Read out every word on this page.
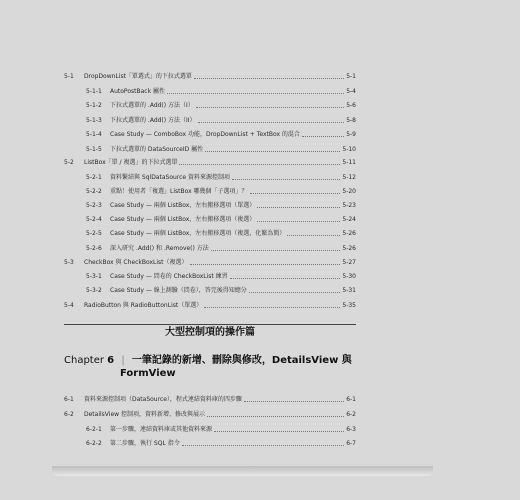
5-1	DropDownList「單選式」的下拉式選單	5-1
5-1-1	AutoPostBack 屬性	5-4
5-1-2	下拉式選單的 .Add() 方法（I）	5-6
5-1-3	下拉式選單的 .Add() 方法（II）	5-8
5-1-4	Case Study — ComboBox 功能，DropDownList + TextBox 的混合	5-9
5-1-5	下拉式選單的 DataSourceID 屬性	5-10
5-2	ListBox「單 / 複選」的下拉式選單	5-11
5-2-1	資料繫結與 SqlDataSource 資料來源控制項	5-12
5-2-2	重點！使用者「複選」ListBox 哪幾個「子選項」？	5-20
5-2-3	Case Study — 兩個 ListBox，左右搬移選項（單選）	5-23
5-2-4	Case Study — 兩個 ListBox，左右搬移選項（複選）	5-24
5-2-5	Case Study — 兩個 ListBox，左右搬移選項（複選，化繁為簡）	5-26
5-2-6	深入研究 .Add() 和 .Remove() 方法	5-26
5-3	CheckBox 與 CheckBoxList（複選）	5-27
5-3-1	Case Study — 問卷的 CheckBoxList 練習	5-30
5-3-2	Case Study — 線上測驗（問卷），答完後得知總分	5-31
5-4	RadioButton 與 RadioButtonList（單選）	5-35
大型控制項的操作篇
Chapter 6 | 一筆記錄的新增、刪除與修改，DetailsView 與
FormView
6-1	資料來源控制項（DataSource），程式連結資料庫的四步驟	6-1
6-2	DetailsView 控制項，資料新增、修改與展示	6-2
6-2-1	第一步驟，連結資料庫或其他資料來源	6-3
6-2-2	第二步驟，執行 SQL 指令	6-7
